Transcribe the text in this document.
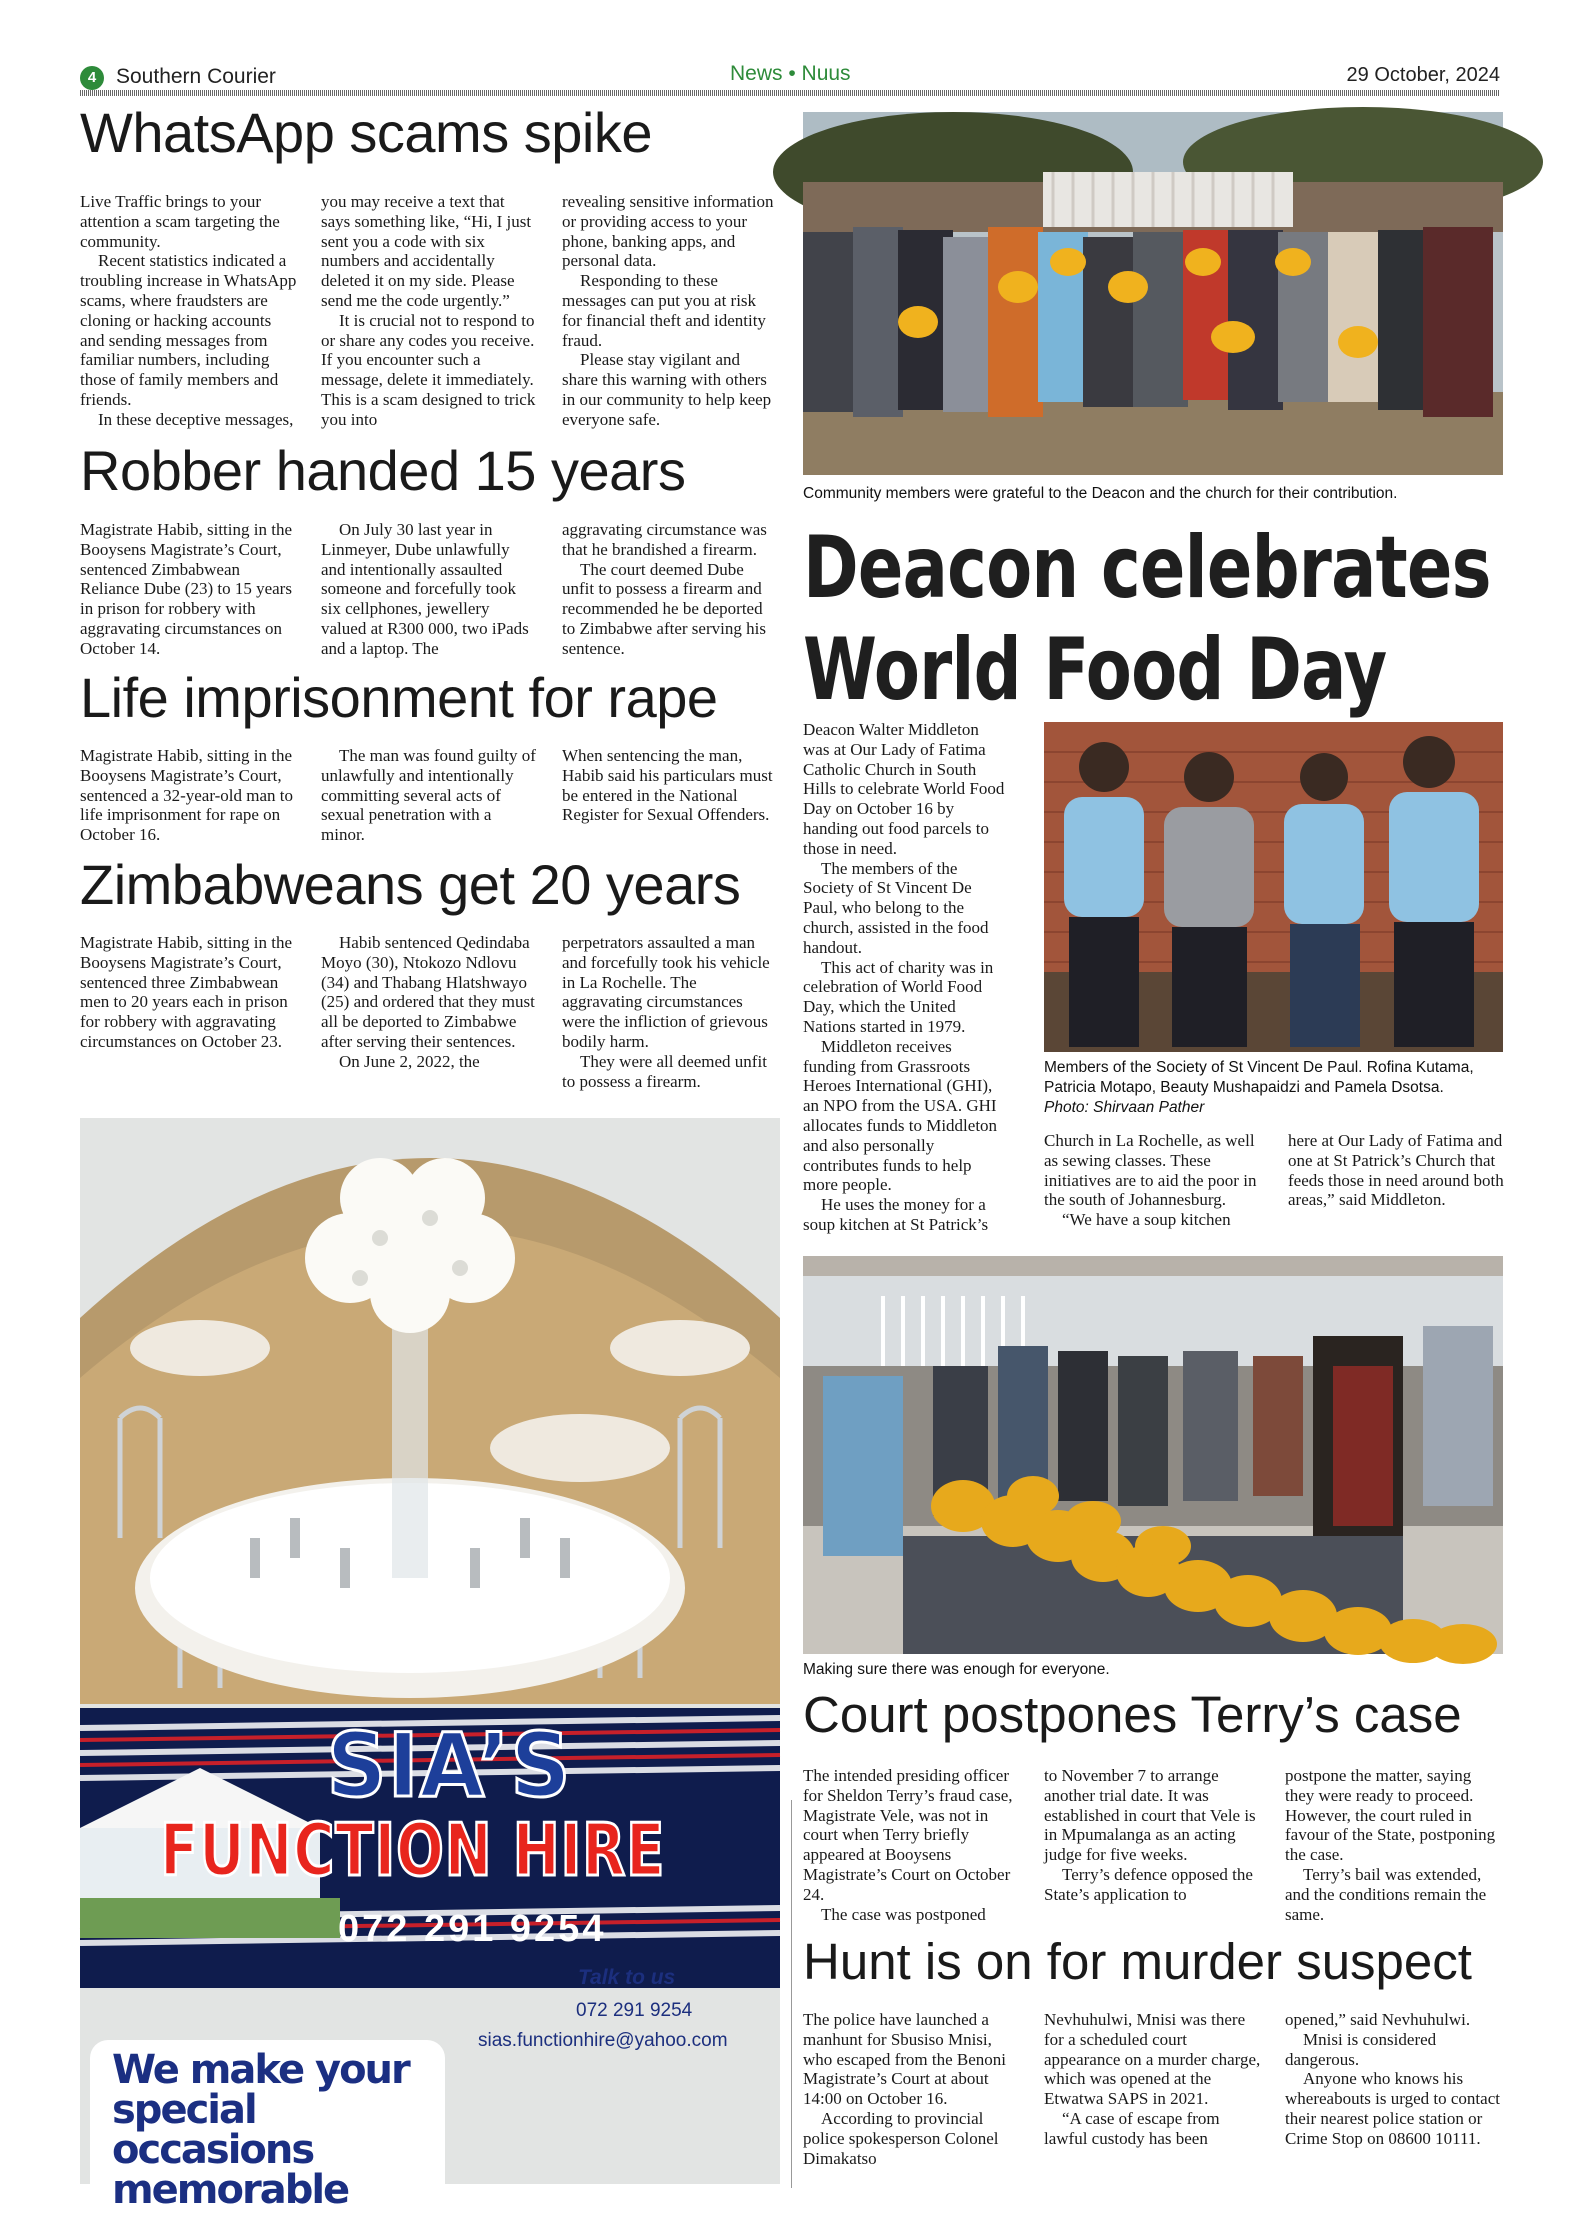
4 Southern Courier	News • Nuus	29 October, 2024
WhatsApp scams spike

Live Traffic brings to your attention a scam targeting the community.

Recent statistics indicated a troubling increase in WhatsApp scams, where fraudsters are cloning or hacking accounts and sending messages from familiar numbers, including those of family members and friends.

In these deceptive messages,

you may receive a text that says something like, “Hi, I just sent you a code with six numbers and accidentally deleted it on my side. Please send me the code urgently.”

It is crucial not to respond to or share any codes you receive. If you encounter such a message, delete it immediately. This is a scam designed to trick you into

revealing sensitive information or providing access to your phone, banking apps, and personal data.

Responding to these messages can put you at risk for financial theft and identity fraud.

Please stay vigilant and share this warning with others in our community to help keep everyone safe.

Robber handed 15 years

Magistrate Habib, sitting in the Booysens Magistrate’s Court, sentenced Zimbabwean Reliance Dube (23) to 15 years in prison for robbery with aggravating circumstances on October 14.

On July 30 last year in Linmeyer, Dube unlawfully and intentionally assaulted someone and forcefully took six cellphones, jewellery valued at R300 000, two iPads and a laptop. The

aggravating circumstance was that he brandished a firearm.

The court deemed Dube unfit to possess a firearm and recommended he be deported to Zimbabwe after serving his sentence.

Life imprisonment for rape

Magistrate Habib, sitting in the Booysens Magistrate’s Court, sentenced a 32-year-old man to life imprisonment for rape on October 16.

The man was found guilty of unlawfully and intentionally committing several acts of sexual penetration with a minor.

When sentencing the man, Habib said his particulars must be entered in the National Register for Sexual Offenders.

Zimbabweans get 20 years

Magistrate Habib, sitting in the Booysens Magistrate’s Court, sentenced three Zimbabwean men to 20 years each in prison for robbery with aggravating circumstances on October 23.

Habib sentenced Qedindaba Moyo (30), Ntokozo Ndlovu (34) and Thabang Hlatshwayo (25) and ordered that they must all be deported to Zimbabwe after serving their sentences.

On June 2, 2022, the

perpetrators assaulted a man and forcefully took his vehicle in La Rochelle. The aggravating circumstances were the infliction of grievous bodily harm.

They were all deemed unfit to possess a firearm.

Community members were grateful to the Deacon and the church for their contribution.
Deacon celebrates
World Food Day

Deacon Walter Middleton was at Our Lady of Fatima Catholic Church in South Hills to celebrate World Food Day on October 16 by handing out food parcels to those in need.

The members of the Society of St Vincent De Paul, who belong to the church, assisted in the food handout.

This act of charity was in celebration of World Food Day, which the United Nations started in 1979.

Middleton receives funding from Grassroots Heroes International (GHI), an NPO from the USA. GHI allocates funds to Middleton and also personally contributes funds to help more people.

He uses the money for a soup kitchen at St Patrick’s

Members of the Society of St Vincent De Paul. Rofina Kutama, Patricia Motapo, Beauty Mushapaidzi and Pamela Dsotsa.
Photo: Shirvaan Pather

Church in La Rochelle, as well as sewing classes. These initiatives are to aid the poor in the south of Johannesburg.

“We have a soup kitchen

here at Our Lady of Fatima and one at St Patrick’s Church that feeds those in need around both areas,” said Middleton.

Making sure there was enough for everyone.
Court postpones Terry’s case

The intended presiding officer for Sheldon Terry’s fraud case, Magistrate Vele, was not in court when Terry briefly appeared at Booysens Magistrate’s Court on October 24.

The case was postponed

to November 7 to arrange another trial date. It was established in court that Vele is in Mpumalanga as an acting judge for five weeks.

Terry’s defence opposed the State’s application to

postpone the matter, saying they were ready to proceed. However, the court ruled in favour of the State, postponing the case.

Terry’s bail was extended, and the conditions remain the same.

Hunt is on for murder suspect

The police have launched a manhunt for Sbusiso Mnisi, who escaped from the Benoni Magistrate’s Court at about 14:00 on October 16.

According to provincial police spokesperson Colonel Dimakatso

Nevhuhulwi, Mnisi was there for a scheduled court appearance on a murder charge, which was opened at the Etwatwa SAPS in 2021.

“A case of escape from lawful custody has been

opened,” said Nevhuhulwi.

Mnisi is considered dangerous.

Anyone who knows his whereabouts is urged to contact their nearest police station or Crime Stop on 08600 10111.

SIA’S
FUNCTION HIRE
072 291 9254
Talk to us
072 291 9254
sias.functionhire@yahoo.com
We make your
special
occasions
memorable
